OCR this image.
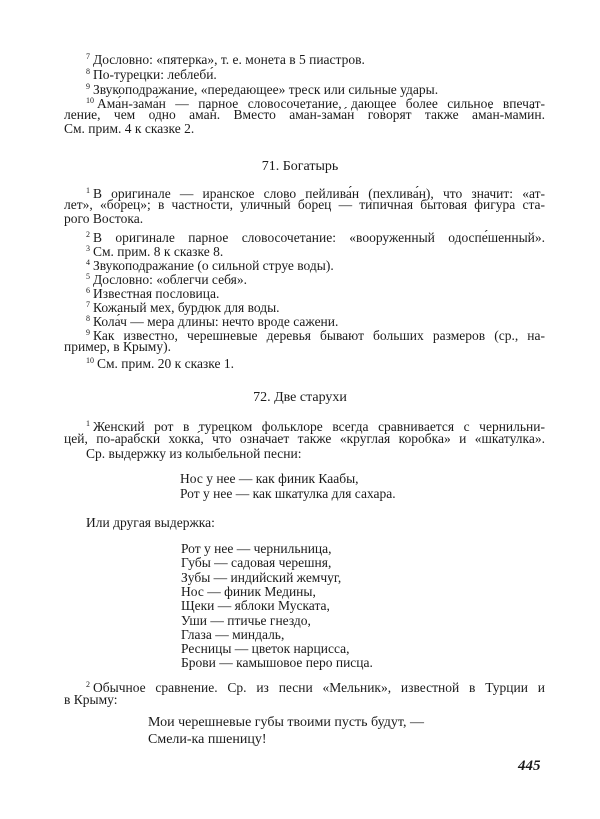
$^7$ Дословно: «пятерка», т. е. монета в 5 пиастров.
$^8$ По-турецки: леблеби́.
$^9$ Звукоподражание, «передающее» треск или сильные удары.
$^{10}$ Ама́н-зама́н — парное словосочетание, дающее более сильное впечат-
ление, чем одно ама́н. Вместо ама́н-зама́н говорят также ама́н-мами́н.
См. прим. 4 к сказке 2.
71. Богатырь
$^1$ В оригинале — иранское слово пейлива́н (пехлива́н), что значит: «ат-
лет», «борец»; в частности, уличный борец — типичная бытовая фигура ста-
рого Востока.
$^2$ В оригинале парное словосочетание: «вооруженный одоспе́шенный».
$^3$ См. прим. 8 к сказке 8.
$^4$ Звукоподражание (о сильной струе воды).
$^5$ Дословно: «облегчи себя».
$^6$ Известная пословица.
$^7$ Кожаный мех, бурдюк для воды.
$^8$ Кола́ч — мера длины: нечто вроде сажени.
$^9$ Как известно, черешневые деревья бывают больших размеров (ср., на-
пример, в Крыму).
$^{10}$ См. прим. 20 к сказке 1.
72. Две старухи
$^1$ Женский рот в турецком фольклоре всегда сравнивается с чернильни-
цей, по-арабски хокка́, что означает также «круглая коробка» и «шкатулка».
Ср. выдержку из колыбельной песни:
Нос у нее — как финик Каабы,
Рот у нее — как шкатулка для сахара.
Или другая выдержка:
Рот у нее — чернильница,
Губы — садовая черешня,
Зубы — индийский жемчуг,
Нос — финик Медины,
Щеки — яблоки Муската,
Уши — птичье гнездо,
Глаза — миндаль,
Ресницы — цветок нарцисса,
Брови — камышовое перо писца.
$^2$ Обычное сравнение. Ср. из песни «Мельник», известной в Турции и
в Крыму:
Мои черешневые губы твоими пусть будут, —
Смели-ка пшеницу!
445
